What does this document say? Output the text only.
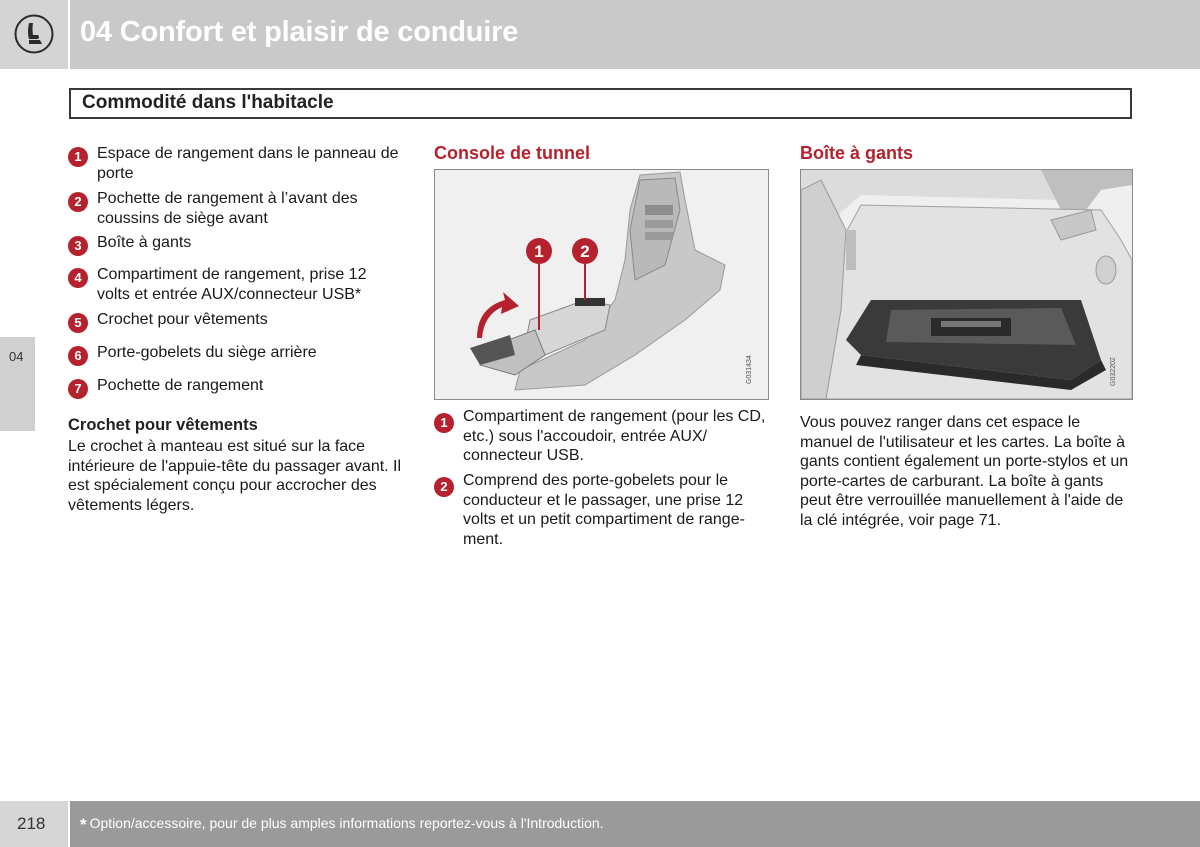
04 Confort et plaisir de conduire
Commodité dans l'habitacle
04
1 Espace de rangement dans le panneau de porte
2 Pochette de rangement à l’avant des coussins de siège avant
3 Boîte à gants
4 Compartiment de rangement, prise 12 volts et entrée AUX/connecteur USB*
5 Crochet pour vêtements
6 Porte-gobelets du siège arrière
7 Pochette de rangement
Crochet pour vêtements
Le crochet à manteau est situé sur la face intérieure de l'appuie-tête du passager avant. Il est spécialement conçu pour accrocher des vêtements légers.
Console de tunnel
1 2
G031434
1 Compartiment de rangement (pour les CD, etc.) sous l'accoudoir, entrée AUX/ connecteur USB.
2 Comprend des porte-gobelets pour le conducteur et le passager, une prise 12 volts et un petit compartiment de range- ment.
Boîte à gants
G032202
Vous pouvez ranger dans cet espace le manuel de l'utilisateur et les cartes. La boîte à gants contient également un porte-stylos et un porte-cartes de carburant. La boîte à gants peut être verrouillée manuellement à l'aide de la clé intégrée, voir page 71.
218 * Option/accessoire, pour de plus amples informations reportez-vous à l'Introduction.
